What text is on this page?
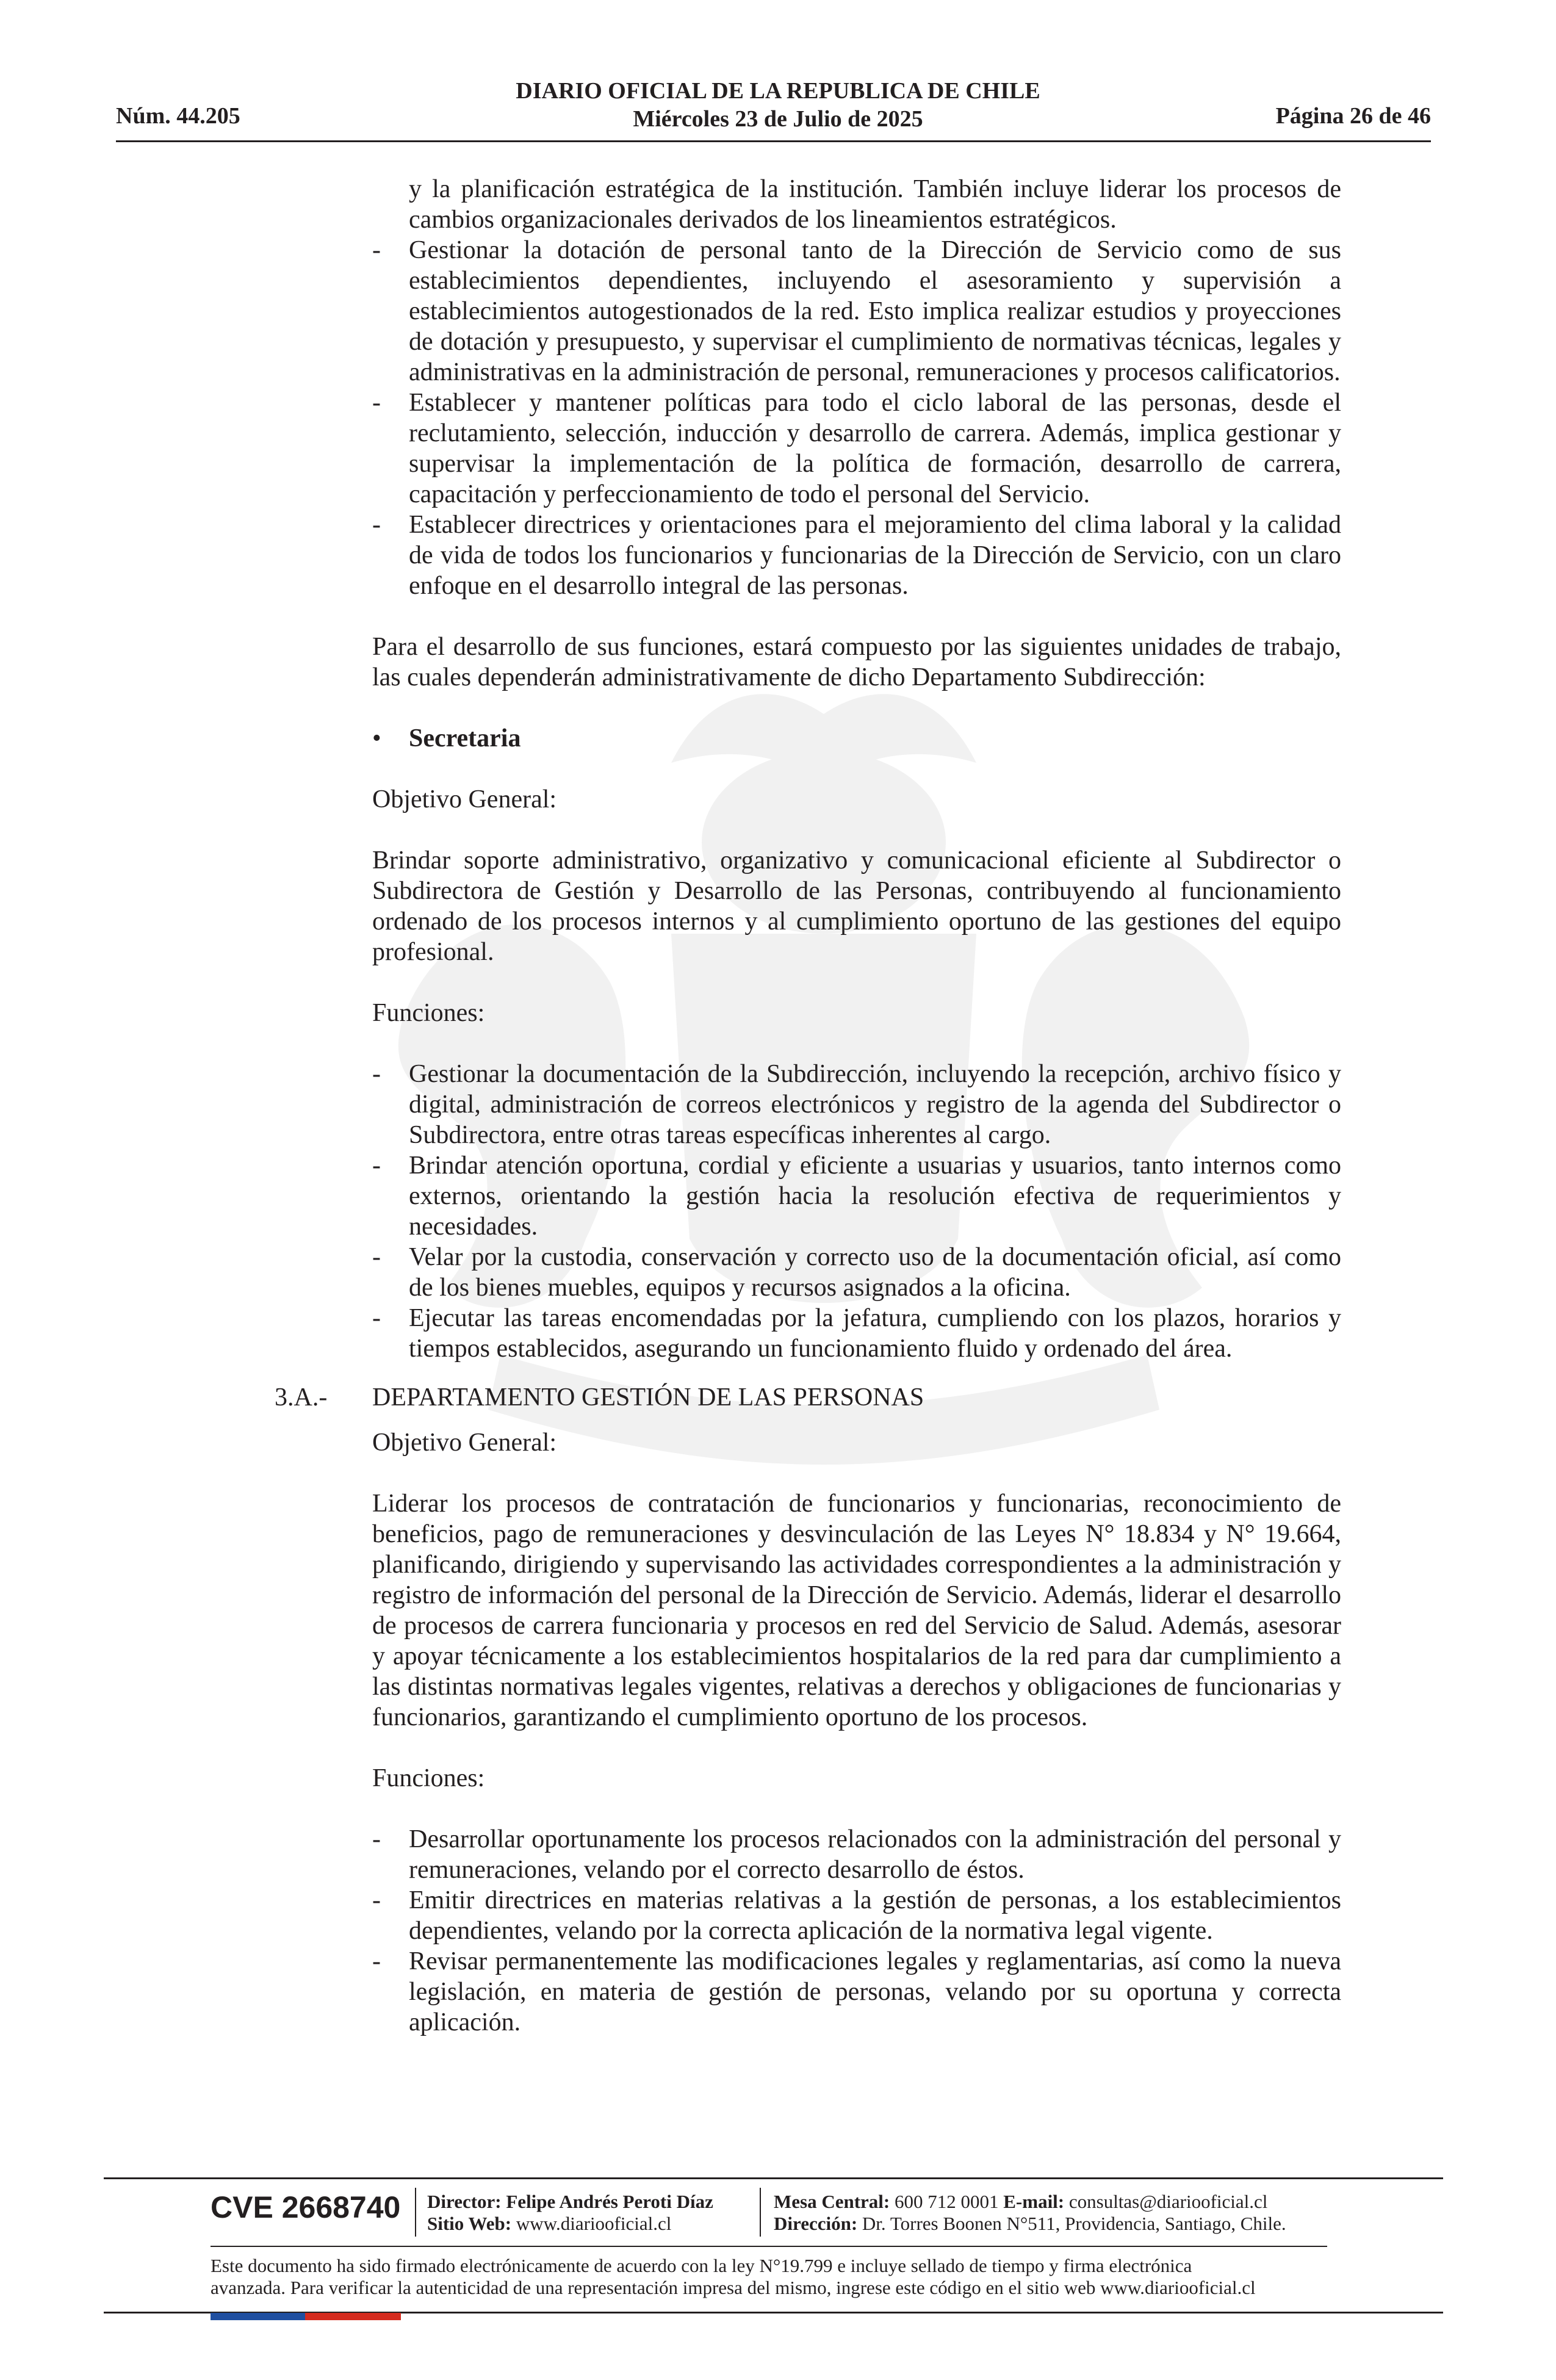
Núm. 44.205
DIARIO OFICIAL DE LA REPUBLICA DE CHILE
Miércoles 23 de Julio de 2025	Página 26 de 46

y la planificación estratégica de la institución. También incluye liderar los procesos de cambios organizacionales derivados de los lineamientos estratégicos.

- Gestionar la dotación de personal tanto de la Dirección de Servicio como de sus establecimientos dependientes, incluyendo el asesoramiento y supervisión a establecimientos autogestionados de la red. Esto implica realizar estudios y proyecciones de dotación y presupuesto, y supervisar el cumplimiento de normativas técnicas, legales y administrativas en la administración de personal, remuneraciones y procesos calificatorios.

- Establecer y mantener políticas para todo el ciclo laboral de las personas, desde el reclutamiento, selección, inducción y desarrollo de carrera. Además, implica gestionar y supervisar la implementación de la política de formación, desarrollo de carrera, capacitación y perfeccionamiento de todo el personal del Servicio.

- Establecer directrices y orientaciones para el mejoramiento del clima laboral y la calidad de vida de todos los funcionarios y funcionarias de la Dirección de Servicio, con un claro enfoque en el desarrollo integral de las personas.

Para el desarrollo de sus funciones, estará compuesto por las siguientes unidades de trabajo, las cuales dependerán administrativamente de dicho Departamento Subdirección:

• Secretaria

Objetivo General:

Brindar soporte administrativo, organizativo y comunicacional eficiente al Subdirector o Subdirectora de Gestión y Desarrollo de las Personas, contribuyendo al funcionamiento ordenado de los procesos internos y al cumplimiento oportuno de las gestiones del equipo profesional.

Funciones:

- Gestionar la documentación de la Subdirección, incluyendo la recepción, archivo físico y digital, administración de correos electrónicos y registro de la agenda del Subdirector o Subdirectora, entre otras tareas específicas inherentes al cargo.

- Brindar atención oportuna, cordial y eficiente a usuarias y usuarios, tanto internos como externos, orientando la gestión hacia la resolución efectiva de requerimientos y necesidades.

- Velar por la custodia, conservación y correcto uso de la documentación oficial, así como de los bienes muebles, equipos y recursos asignados a la oficina.

- Ejecutar las tareas encomendadas por la jefatura, cumpliendo con los plazos, horarios y tiempos establecidos, asegurando un funcionamiento fluido y ordenado del área.

3.A.- DEPARTAMENTO GESTIÓN DE LAS PERSONAS

Objetivo General:

Liderar los procesos de contratación de funcionarios y funcionarias, reconocimiento de beneficios, pago de remuneraciones y desvinculación de las Leyes N° 18.834 y N° 19.664, planificando, dirigiendo y supervisando las actividades correspondientes a la administración y registro de información del personal de la Dirección de Servicio. Además, liderar el desarrollo de procesos de carrera funcionaria y procesos en red del Servicio de Salud. Además, asesorar y apoyar técnicamente a los establecimientos hospitalarios de la red para dar cumplimiento a las distintas normativas legales vigentes, relativas a derechos y obligaciones de funcionarias y funcionarios, garantizando el cumplimiento oportuno de los procesos.

Funciones:

- Desarrollar oportunamente los procesos relacionados con la administración del personal y remuneraciones, velando por el correcto desarrollo de éstos.

- Emitir directrices en materias relativas a la gestión de personas, a los establecimientos dependientes, velando por la correcta aplicación de la normativa legal vigente.

- Revisar permanentemente las modificaciones legales y reglamentarias, así como la nueva legislación, en materia de gestión de personas, velando por su oportuna y correcta aplicación.

CVE 2668740 Director: Felipe Andrés Peroti Díaz
Sitio Web: www.diariooficial.cl
Mesa Central: 600 712 0001 E-mail: consultas@diariooficial.cl
Dirección: Dr. Torres Boonen N°511, Providencia, Santiago, Chile.
Este documento ha sido firmado electrónicamente de acuerdo con la ley N°19.799 e incluye sellado de tiempo y firma electrónica
avanzada. Para verificar la autenticidad de una representación impresa del mismo, ingrese este código en el sitio web www.diariooficial.cl
